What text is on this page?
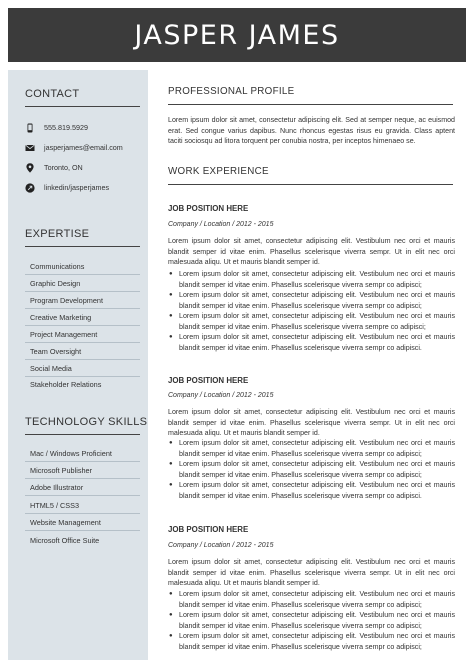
JASPER JAMES
CONTACT
555.819.5929
jasperjames@email.com
Toronto, ON
linkedin/jasperjames
EXPERTISE
Communications
Graphic Design
Program Development
Creative Marketing
Project Management
Team Oversight
Social Media
Stakeholder Relations
TECHNOLOGY SKILLS
Mac / Windows Proficient
Microsoft Publisher
Adobe Illustrator
HTML5 / CSS3
Website Management
Microsoft Office Suite
PROFESSIONAL PROFILE
Lorem ipsum dolor sit amet, consectetur adipiscing elit. Sed at semper neque, ac euismod erat. Sed congue varius dapibus. Nunc rhoncus egestas risus eu gravida. Class aptent taciti sociosqu ad litora torquent per conubia nostra, per inceptos himenaeo se.
WORK EXPERIENCE
JOB POSITION HERE
Company / Location / 2012 - 2015
Lorem ipsum dolor sit amet, consectetur adipiscing elit. Vestibulum nec orci et mauris blandit semper id vitae enim. Phasellus scelerisque viverra sempr. Ut in elit nec orci malesuada aliqu. Ut et mauris blandit semper id.
● Lorem ipsum dolor sit amet, consectetur adipiscing elit. Vestibulum nec orci et mauris blandit semper id vitae enim. Phasellus scelerisque viverra sempr co adipisci;
● Lorem ipsum dolor sit amet, consectetur adipiscing elit. Vestibulum nec orci et mauris blandit semper id vitae enim. Phasellus scelerisque viverra sempr co adipisci;
● Lorem ipsum dolor sit amet, consectetur adipiscing elit. Vestibulum nec orci et mauris blandit semper id vitae enim. Phasellus scelerisque viverra sempre co adipisci;
● Lorem ipsum dolor sit amet, consectetur adipiscing elit. Vestibulum nec orci et mauris blandit semper id vitae enim. Phasellus scelerisque viverra sempr co adipisci.
JOB POSITION HERE
Company / Location / 2012 - 2015
Lorem ipsum dolor sit amet, consectetur adipiscing elit. Vestibulum nec orci et mauris blandit semper id vitae enim. Phasellus scelerisque viverra sempr. Ut in elit nec orci malesuada aliqu. Ut et mauris blandit semper id.
● Lorem ipsum dolor sit amet, consectetur adipiscing elit. Vestibulum nec orci et mauris blandit semper id vitae enim. Phasellus scelerisque viverra sempr co adipisci;
● Lorem ipsum dolor sit amet, consectetur adipiscing elit. Vestibulum nec orci et mauris blandit semper id vitae enim. Phasellus scelerisque viverra sempr co adipisci;
● Lorem ipsum dolor sit amet, consectetur adipiscing elit. Vestibulum nec orci et mauris blandit semper id vitae enim. Phasellus scelerisque viverra sempr co adipisci.
JOB POSITION HERE
Company / Location / 2012 - 2015
Lorem ipsum dolor sit amet, consectetur adipiscing elit. Vestibulum nec orci et mauris blandit semper id vitae enim. Phasellus scelerisque viverra sempr. Ut in elit nec orci malesuada aliqu. Ut et mauris blandit semper id.
● Lorem ipsum dolor sit amet, consectetur adipiscing elit. Vestibulum nec orci et mauris blandit semper id vitae enim. Phasellus scelerisque viverra sempr co adipisci;
● Lorem ipsum dolor sit amet, consectetur adipiscing elit. Vestibulum nec orci et mauris blandit semper id vitae enim. Phasellus scelerisque viverra sempr co adipisci;
● Lorem ipsum dolor sit amet, consectetur adipiscing elit. Vestibulum nec orci et mauris blandit semper id vitae enim. Phasellus scelerisque viverra sempr co adipisci;
